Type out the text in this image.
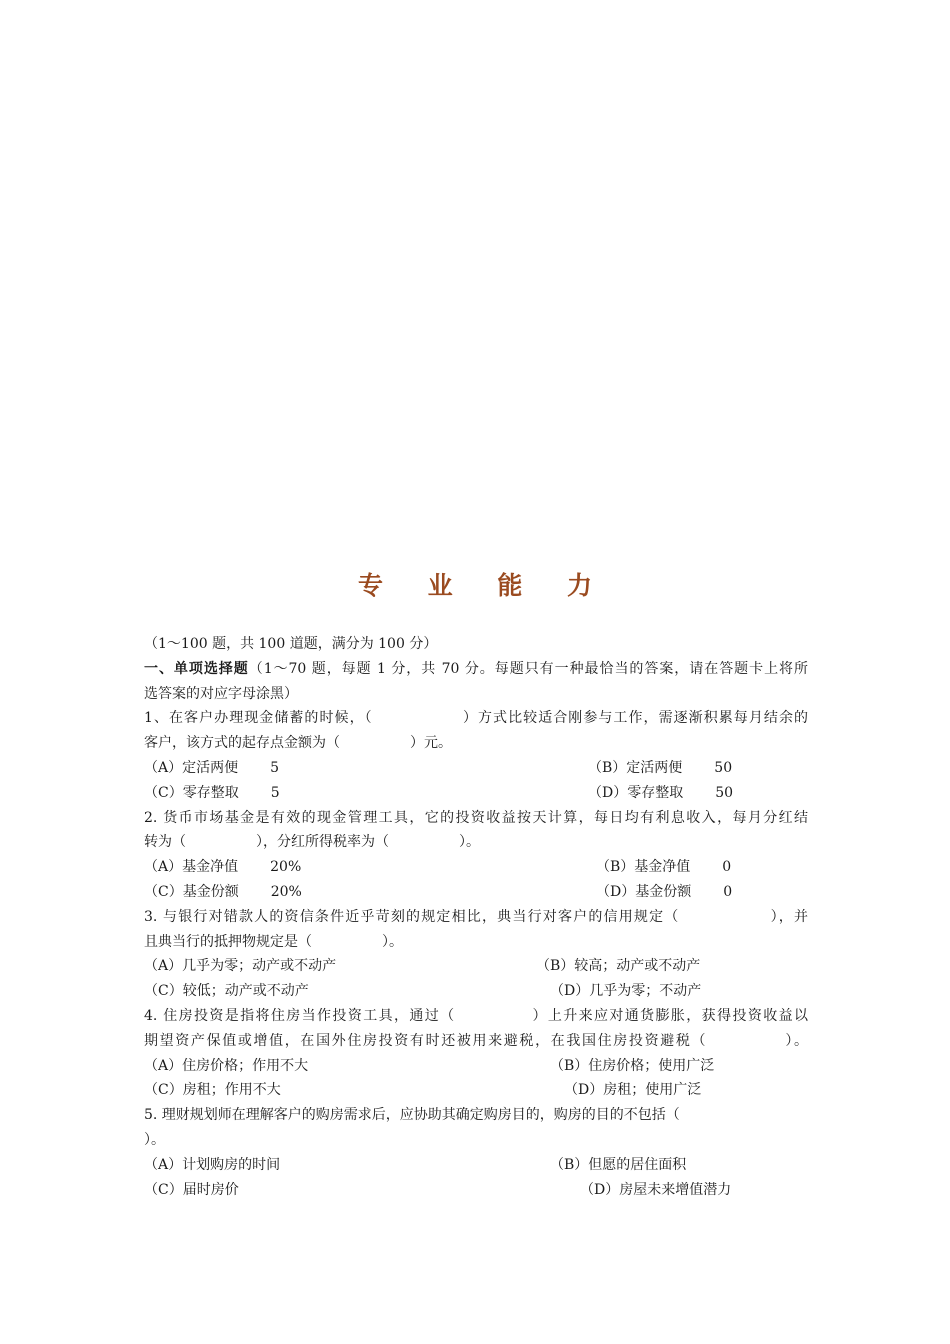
专 业 能 力
（1～100 题，共 100 道题，满分为 100 分）
一、单项选择题（1～70 题，每题 1 分，共 70 分。每题只有一种最恰当的答案，请在答题卡上将所
选答案的对应字母涂黑）
1、在客户办理现金储蓄的时候，（　　　　　　）方式比较适合刚参与工作，需逐渐积累每月结余的
客户，该方式的起存点金额为（　　　　　）元。
（A）定活两便 5	（B）定活两便 50
（C）零存整取 5	（D）零存整取 50
2. 货币市场基金是有效的现金管理工具，它的投资收益按天计算，每日均有利息收入，每月分红结
转为（　　　　　），分红所得税率为（　　　　　）。
（A）基金净值 20%	（B）基金净值 0
（C）基金份额 20%	（D）基金份额 0
3. 与银行对错款人的资信条件近乎苛刻的规定相比，典当行对客户的信用规定（　　　　　　），并
且典当行的抵押物规定是（　　　　　）。
（A）几乎为零；动产或不动产	（B）较高；动产或不动产
（C）较低；动产或不动产	（D）几乎为零；不动产
4. 住房投资是指将住房当作投资工具，通过（　　　　　）上升来应对通货膨胀，获得投资收益以
期望资产保值或增值，在国外住房投资有时还被用来避税，在我国住房投资避税（　　　　　）。
（A）住房价格；作用不大	（B）住房价格；使用广泛
（C）房租；作用不大	（D）房租；使用广泛
5. 理财规划师在理解客户的购房需求后，应协助其确定购房目的，购房的目的不包括（
）。
（A）计划购房的时间	（B）但愿的居住面积
（C）届时房价	（D）房屋未来增值潜力
